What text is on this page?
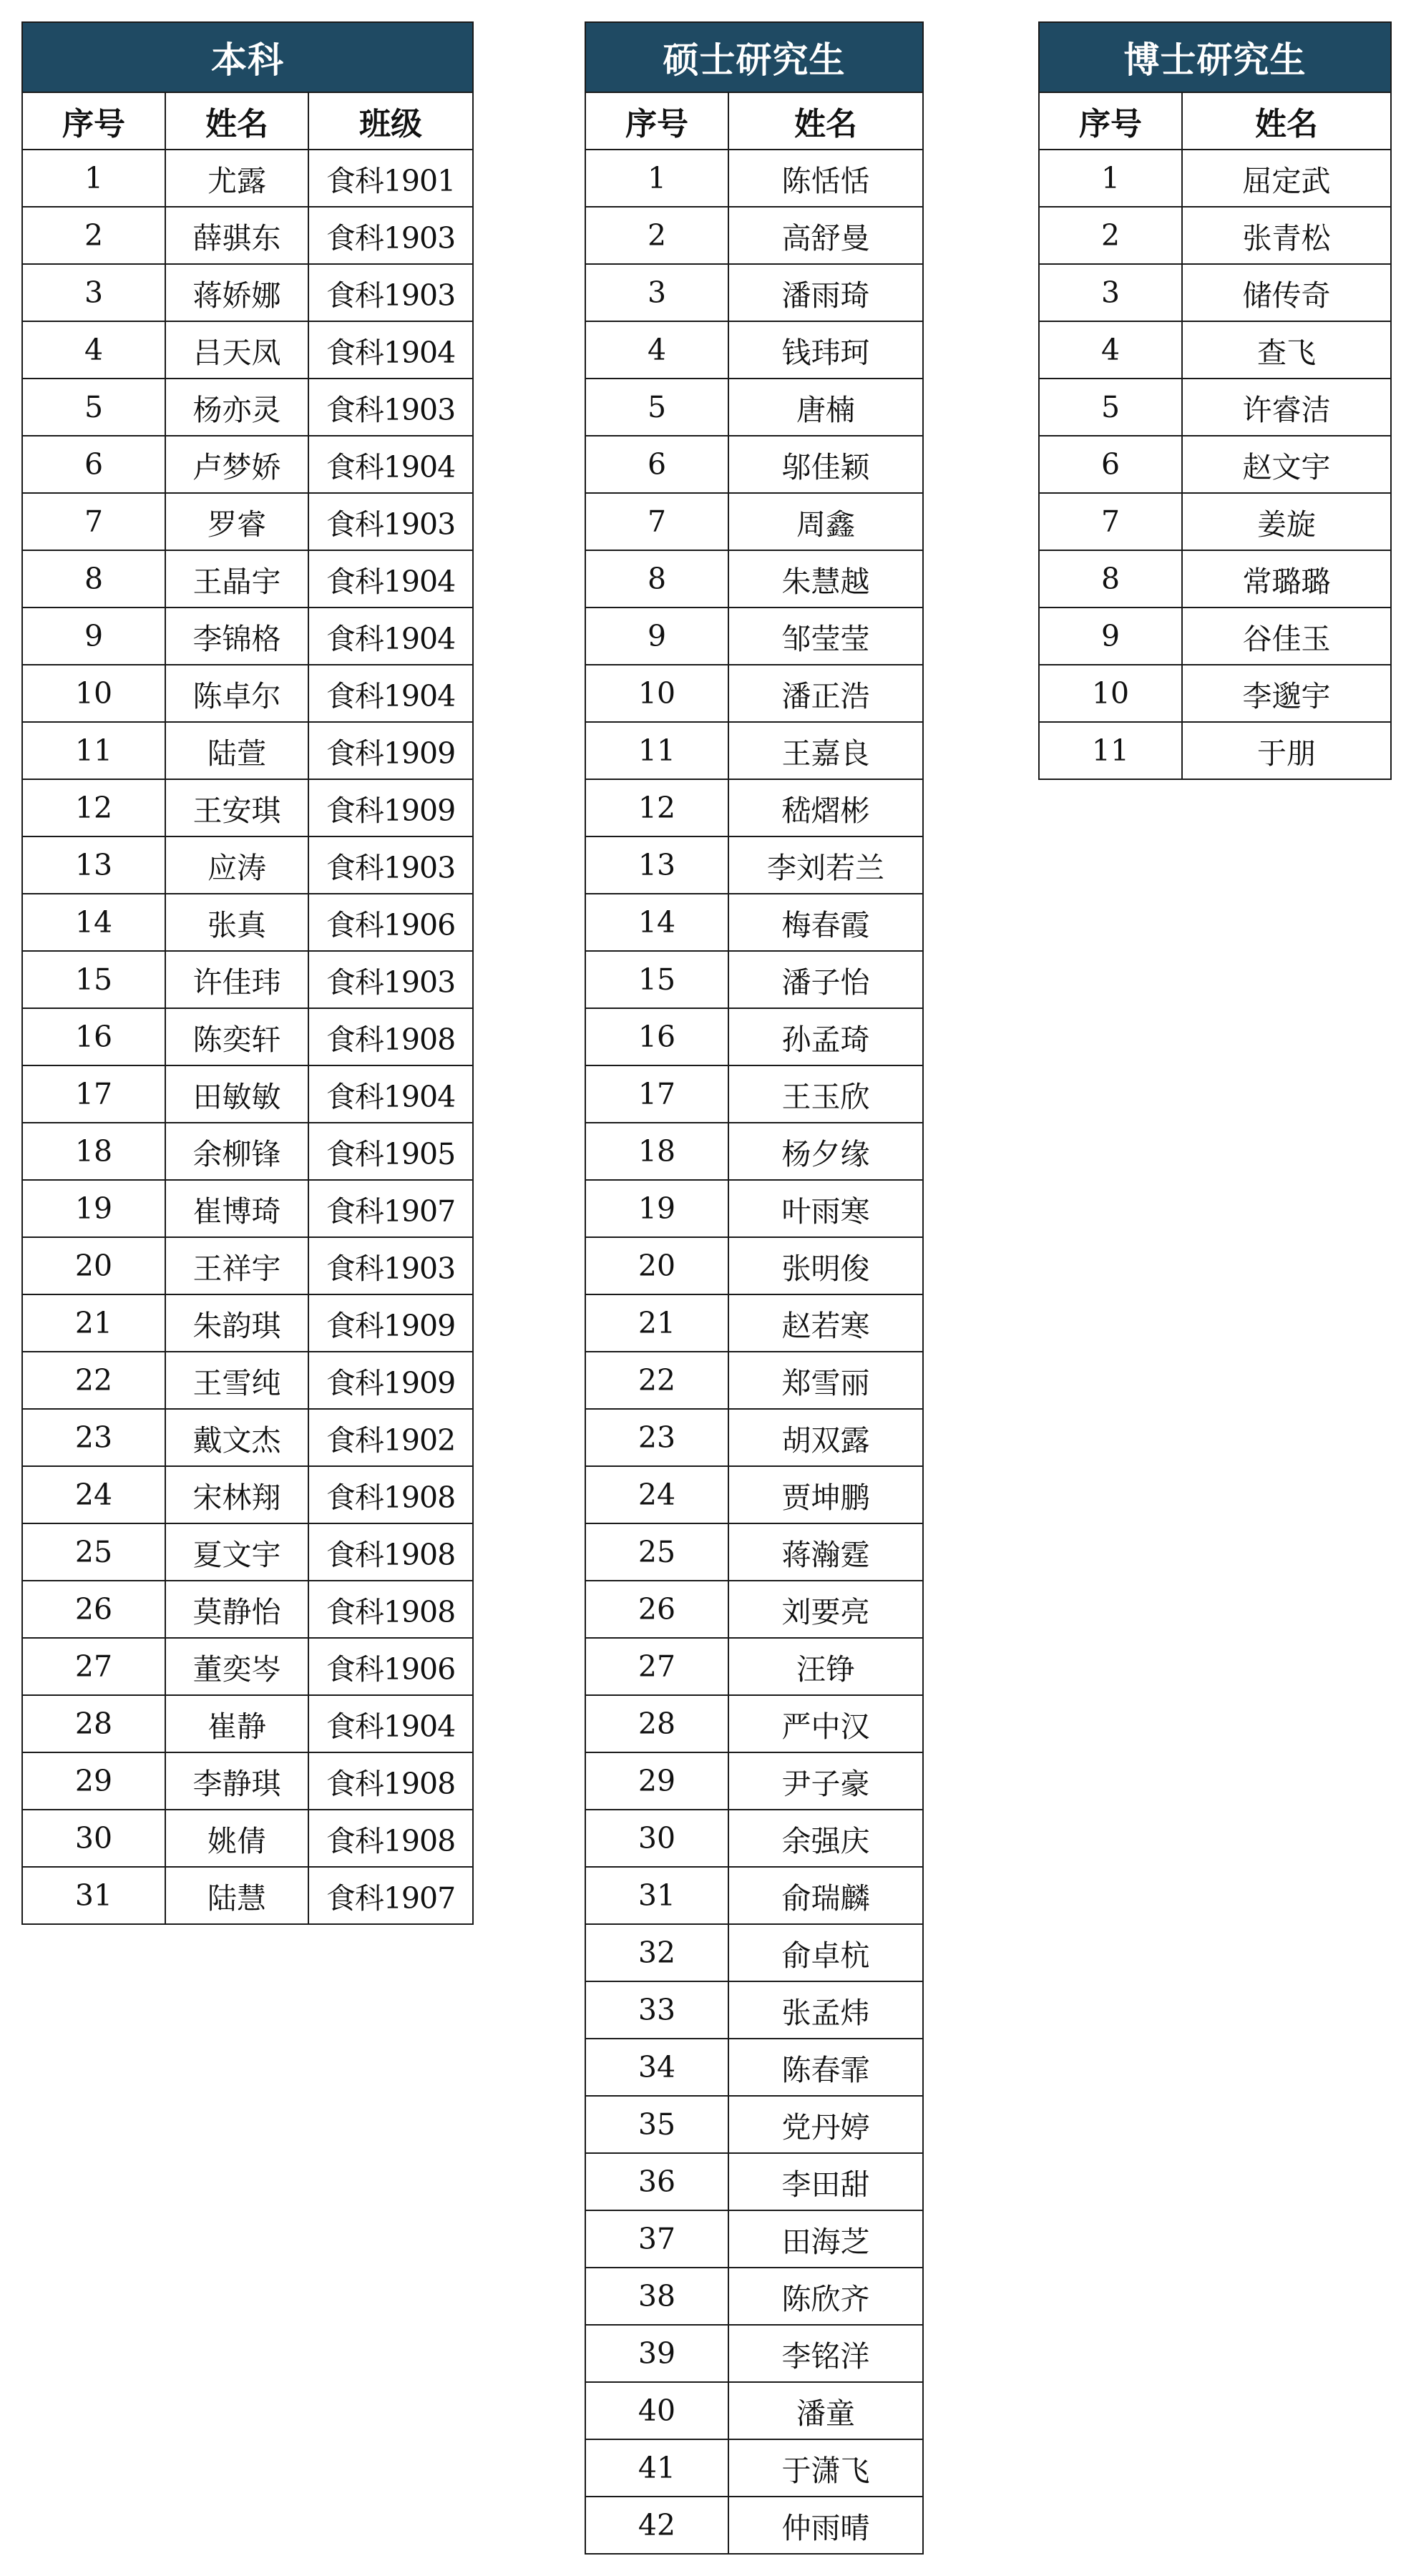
本科		
序号	姓名	班级
1	尤露	食科1901
2	薛骐东	食科1903
3	蒋娇娜	食科1903
4	吕天凤	食科1904
5	杨亦灵	食科1903
6	卢梦娇	食科1904
7	罗睿	食科1903
8	王晶宇	食科1904
9	李锦格	食科1904
10	陈卓尔	食科1904
11	陆萱	食科1909
12	王安琪	食科1909
13	应涛	食科1903
14	张真	食科1906
15	许佳玮	食科1903
16	陈奕轩	食科1908
17	田敏敏	食科1904
18	余柳锋	食科1905
19	崔博琦	食科1907
20	王祥宇	食科1903
21	朱韵琪	食科1909
22	王雪纯	食科1909
23	戴文杰	食科1902
24	宋林翔	食科1908
25	夏文宇	食科1908
26	莫静怡	食科1908
27	董奕岑	食科1906
28	崔静	食科1904
29	李静琪	食科1908
30	姚倩	食科1908
31	陆慧	食科1907
硕士研究生	
序号	姓名
1	陈恬恬
2	高舒曼
3	潘雨琦
4	钱玮珂
5	唐楠
6	邬佳颖
7	周鑫
8	朱慧越
9	邹莹莹
10	潘正浩
11	王嘉良
12	嵇熠彬
13	李刘若兰
14	梅春霞
15	潘子怡
16	孙孟琦
17	王玉欣
18	杨夕缘
19	叶雨寒
20	张明俊
21	赵若寒
22	郑雪丽
23	胡双露
24	贾坤鹏
25	蒋瀚霆
26	刘要亮
27	汪铮
28	严中汉
29	尹子豪
30	余强庆
31	俞瑞麟
32	俞卓杭
33	张孟炜
34	陈春霏
35	党丹婷
36	李田甜
37	田海芝
38	陈欣齐
39	李铭洋
40	潘童
41	于潇飞
42	仲雨晴
博士研究生	
序号	姓名
1	屈定武
2	张青松
3	储传奇
4	查飞
5	许睿洁
6	赵文宇
7	姜旋
8	常璐璐
9	谷佳玉
10	李邈宇
11	于朋
